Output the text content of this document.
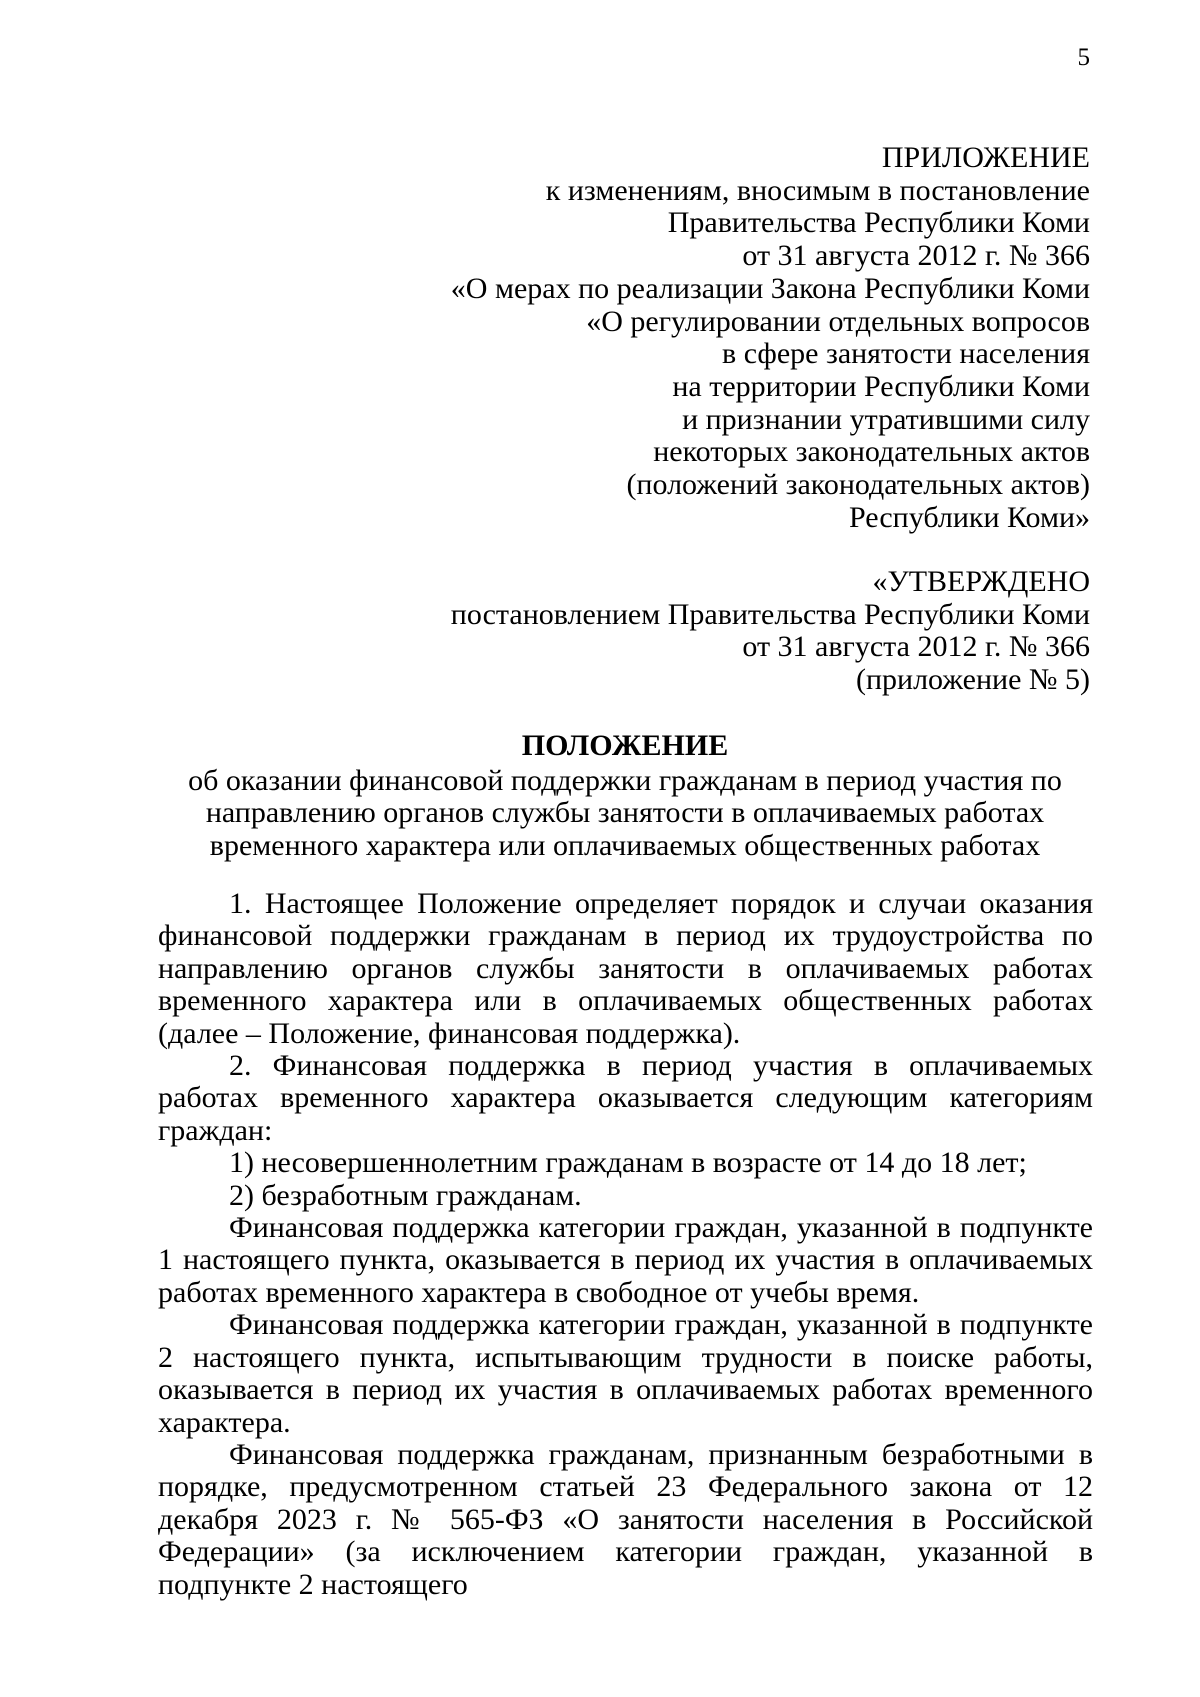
5
ПРИЛОЖЕНИЕ
к изменениям, вносимым в постановление
Правительства Республики Коми
от 31 августа 2012 г. № 366
«О мерах по реализации Закона Республики Коми
«О регулировании отдельных вопросов
в сфере занятости населения
на территории Республики Коми
и признании утратившими силу
некоторых законодательных актов
(положений законодательных актов)
Республики Коми»
«УТВЕРЖДЕНО
постановлением Правительства Республики Коми
от 31 августа 2012 г. № 366
(приложение № 5)
ПОЛОЖЕНИЕ
об оказании финансовой поддержки гражданам в период участия по
направлению органов службы занятости в оплачиваемых работах
временного характера или оплачиваемых общественных работах

1. Настоящее Положение определяет порядок и случаи оказания финансовой поддержки гражданам в период их трудоустройства по направлению органов службы занятости в оплачиваемых работах временного характера или в оплачиваемых общественных работах (далее – Положение, финансовая поддержка).

2. Финансовая поддержка в период участия в оплачиваемых работах временного характера оказывается следующим категориям граждан:

1) несовершеннолетним гражданам в возрасте от 14 до 18 лет;

2) безработным гражданам.

Финансовая поддержка категории граждан, указанной в подпункте 1 настоящего пункта, оказывается в период их участия в оплачиваемых работах временного характера в свободное от учебы время.

Финансовая поддержка категории граждан, указанной в подпункте 2 настоящего пункта, испытывающим трудности в поиске работы, оказывается в период их участия в оплачиваемых работах временного характера.

Финансовая поддержка гражданам, признанным безработными в порядке, предусмотренном статьей 23 Федерального закона от 12 декабря 2023 г. № 565-ФЗ «О занятости населения в Российской Федерации» (за исключением категории граждан, указанной в подпункте 2 настоящего
